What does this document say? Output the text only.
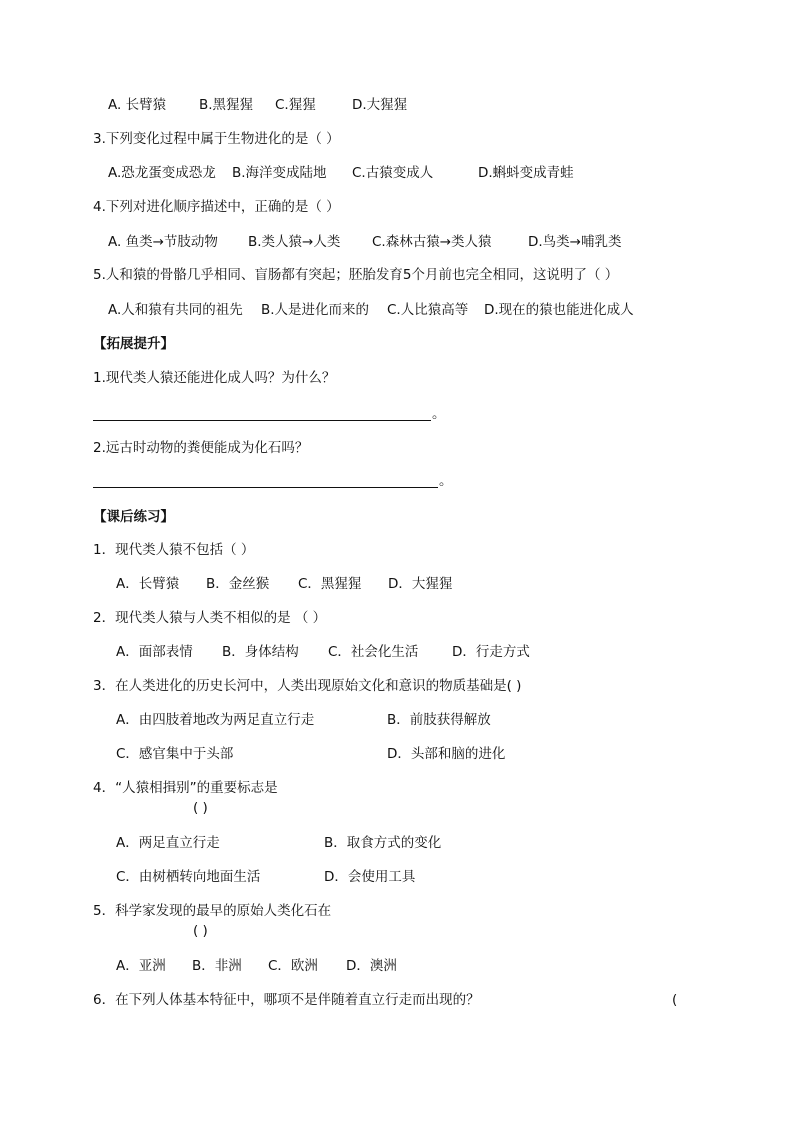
A. 长臂猿 B.黑猩猩 C.猩猩	D.大猩猩
3.下列变化过程中属于生物进化的是（ ）
A.恐龙蛋变成恐龙 B.海洋变成陆地 C.古猿变成人	D.蝌蚪变成青蛙
4.下列对进化顺序描述中，正确的是（ ）
A. 鱼类→节肢动物 B.类人猿→人类 C.森林古猿→类人猿	D.鸟类→哺乳类
5.人和猿的骨骼几乎相同、盲肠都有突起；胚胎发育5个月前也完全相同，这说明了（ ）
A.人和猿有共同的祖先 B.人是进化而来的 C.人比猿高等 D.现在的猿也能进化成人
【拓展提升】
1.现代类人猿还能进化成人吗？为什么？
。
2.远古时动物的粪便能成为化石吗？
。
【课后练习】
1．现代类人猿不包括（ ）
A．长臂猿 B．金丝猴 C．黑猩猩 D．大猩猩
2．现代类人猿与人类不相似的是 （ ）
A．面部表情 B．身体结构 C．社会化生活 D．行走方式
3．在人类进化的历史长河中，人类出现原始文化和意识的物质基础是( )
A．由四肢着地改为两足直立行走	B．前肢获得解放
C．感官集中于头部	D．头部和脑的进化
4．“人猿相揖别”的重要标志是
( )
A．两足直立行走	B．取食方式的变化
C．由树栖转向地面生活	D．会使用工具
5．科学家发现的最早的原始人类化石在
( )
A．亚洲 B．非洲 C．欧洲 D．澳洲
6．在下列人体基本特征中，哪项不是伴随着直立行走而出现的？	(
